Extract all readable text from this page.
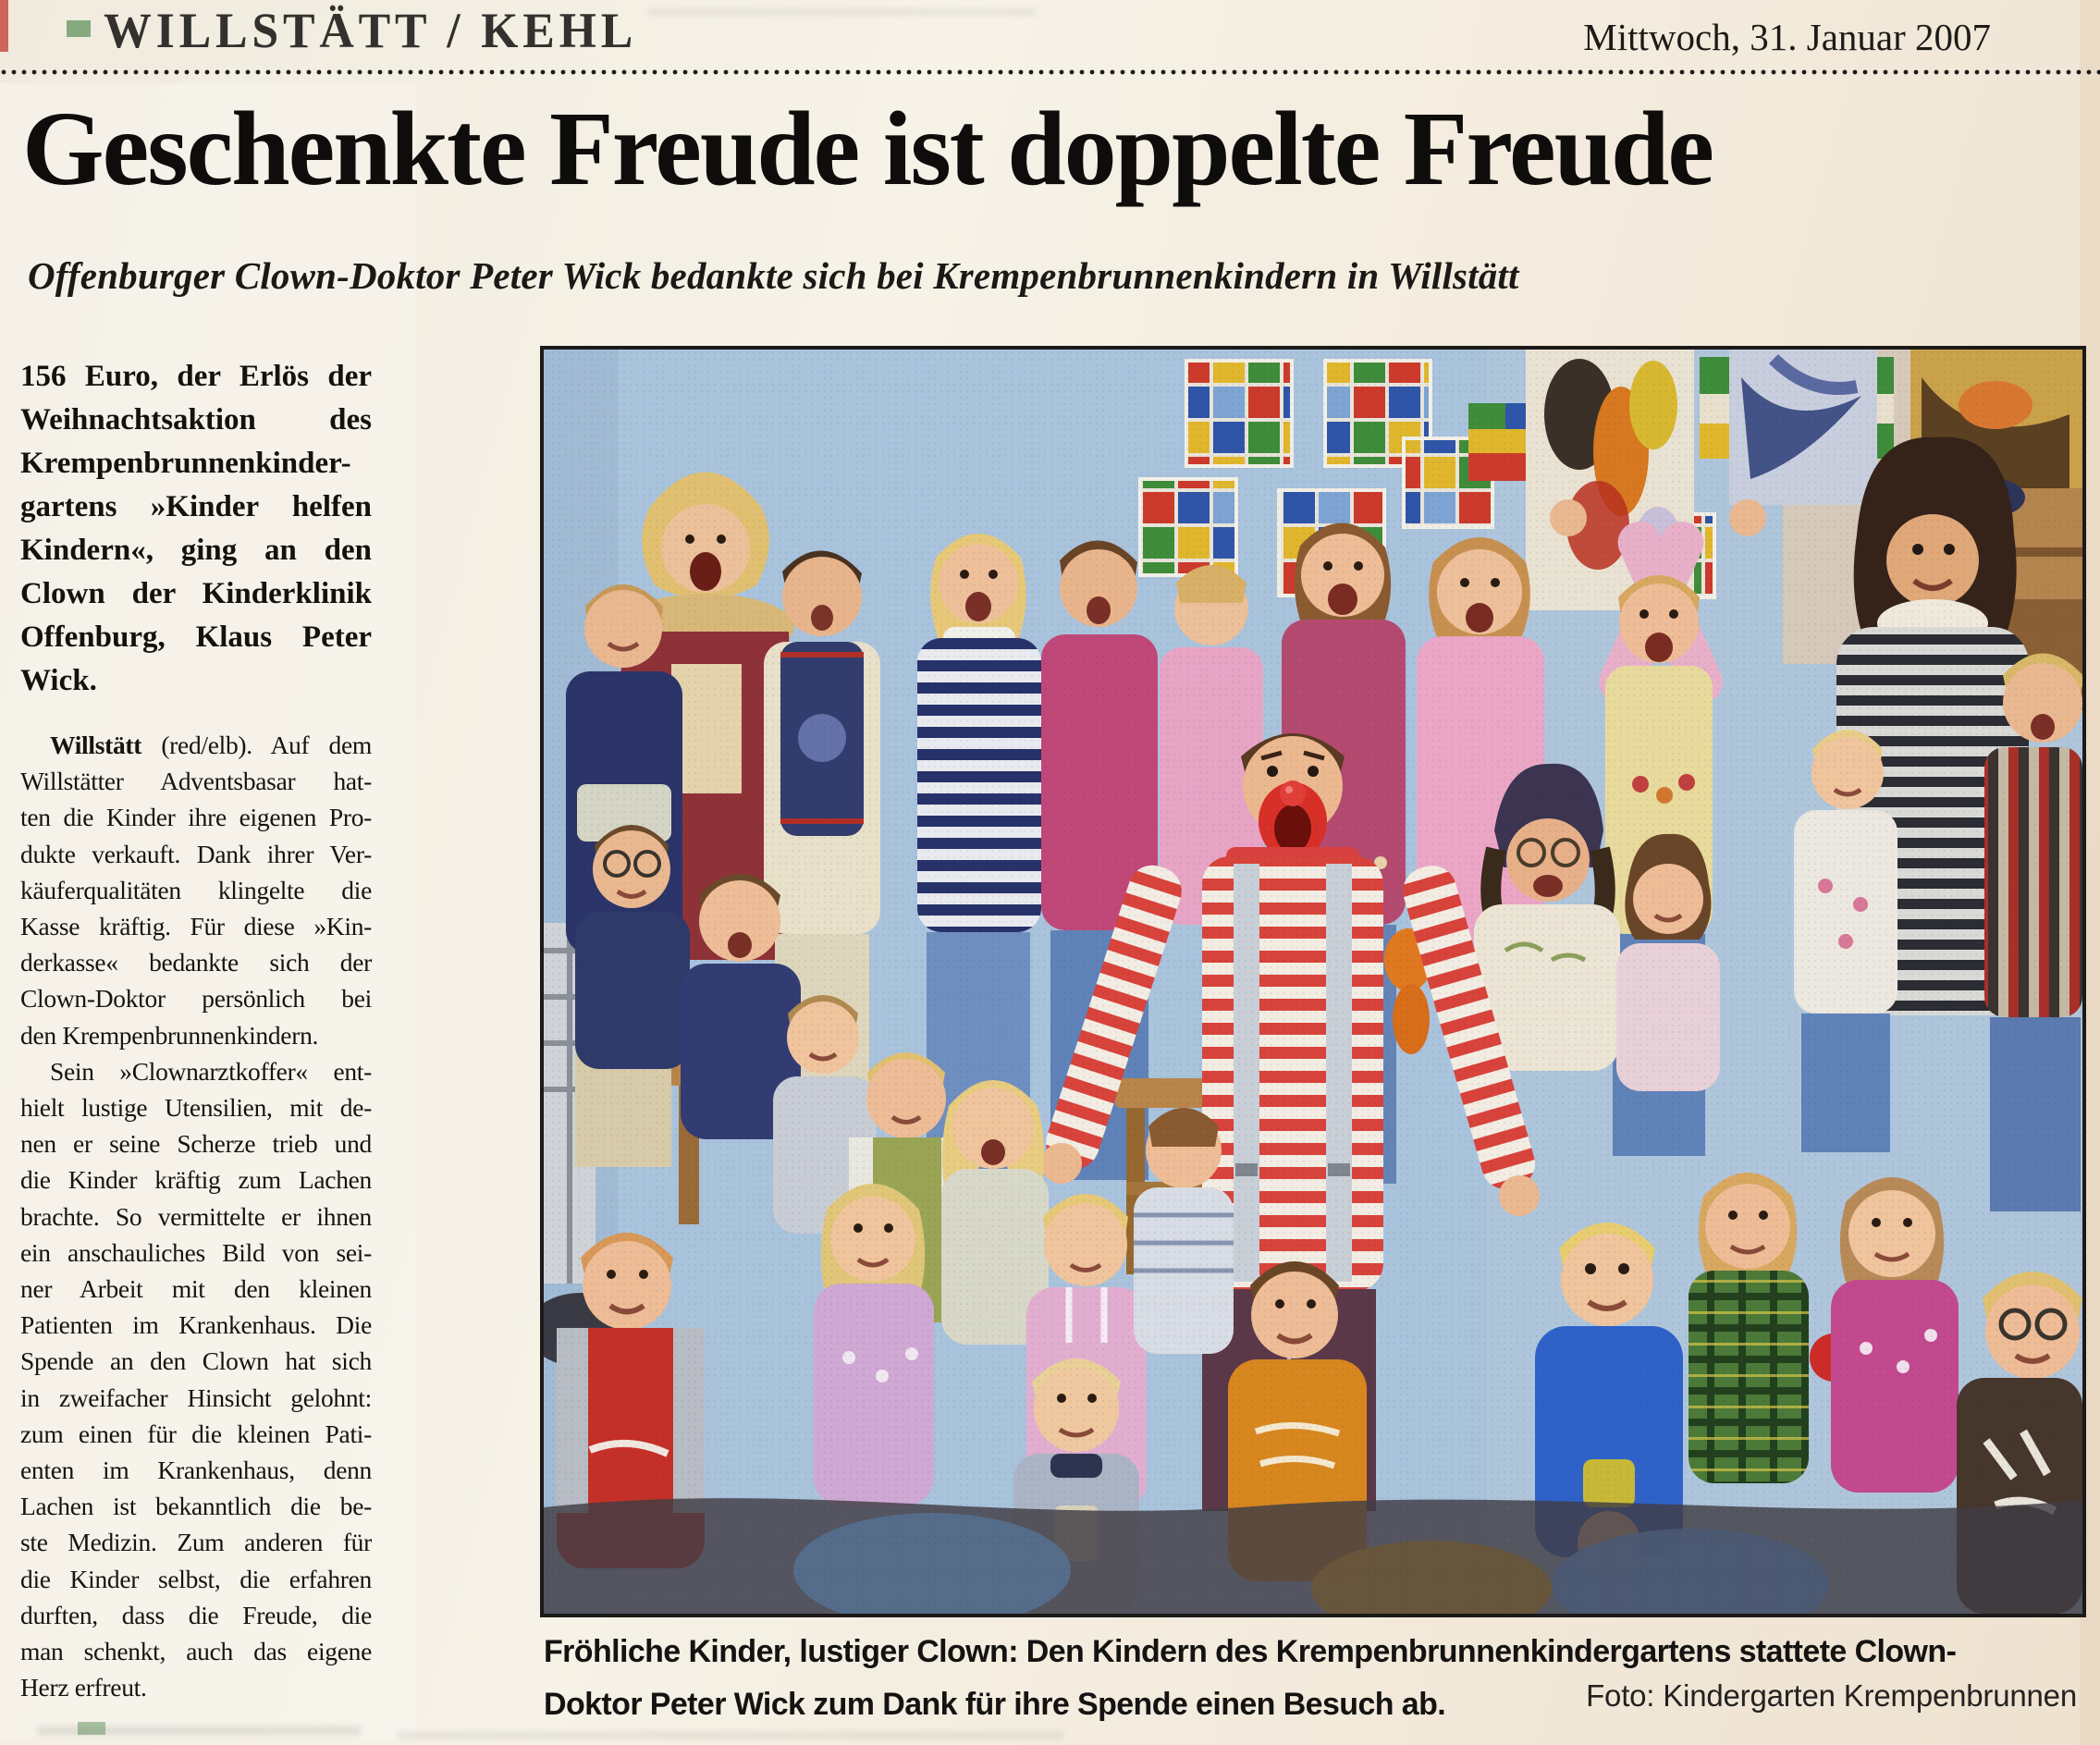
WILLSTÄTT / KEHL	Mittwoch, 31. Januar 2007
Geschenkte Freude ist doppelte Freude
Offenburger Clown-Doktor Peter Wick bedankte sich bei Krempenbrunnenkindern in Willstätt
156 Euro, der Erlös der
Weihnachtsaktion des
Krempenbrunnenkinder-
gartens »Kinder helfen
Kindern«, ging an den
Clown der Kinderklinik
Offenburg, Klaus Peter
Wick.
Willstätt (red/elb). Auf dem
Willstätter Adventsbasar hat-
ten die Kinder ihre eigenen Pro-
dukte verkauft. Dank ihrer Ver-
käuferqualitäten klingelte die
Kasse kräftig. Für diese »Kin-
derkasse« bedankte sich der
Clown-Doktor persönlich bei
den Krempenbrunnenkindern.
Sein »Clownarztkoffer« ent-
hielt lustige Utensilien, mit de-
nen er seine Scherze trieb und
die Kinder kräftig zum Lachen
brachte. So vermittelte er ihnen
ein anschauliches Bild von sei-
ner Arbeit mit den kleinen
Patienten im Krankenhaus. Die
Spende an den Clown hat sich
in zweifacher Hinsicht gelohnt:
zum einen für die kleinen Pati-
enten im Krankenhaus, denn
Lachen ist bekanntlich die be-
ste Medizin. Zum anderen für
die Kinder selbst, die erfahren
durften, dass die Freude, die
man schenkt, auch das eigene
Herz erfreut.
Fröhliche Kinder, lustiger Clown: Den Kindern des Krempenbrunnenkindergartens stattete Clown-
Doktor Peter Wick zum Dank für ihre Spende einen Besuch ab.	Foto: Kindergarten Krempenbrunnen
